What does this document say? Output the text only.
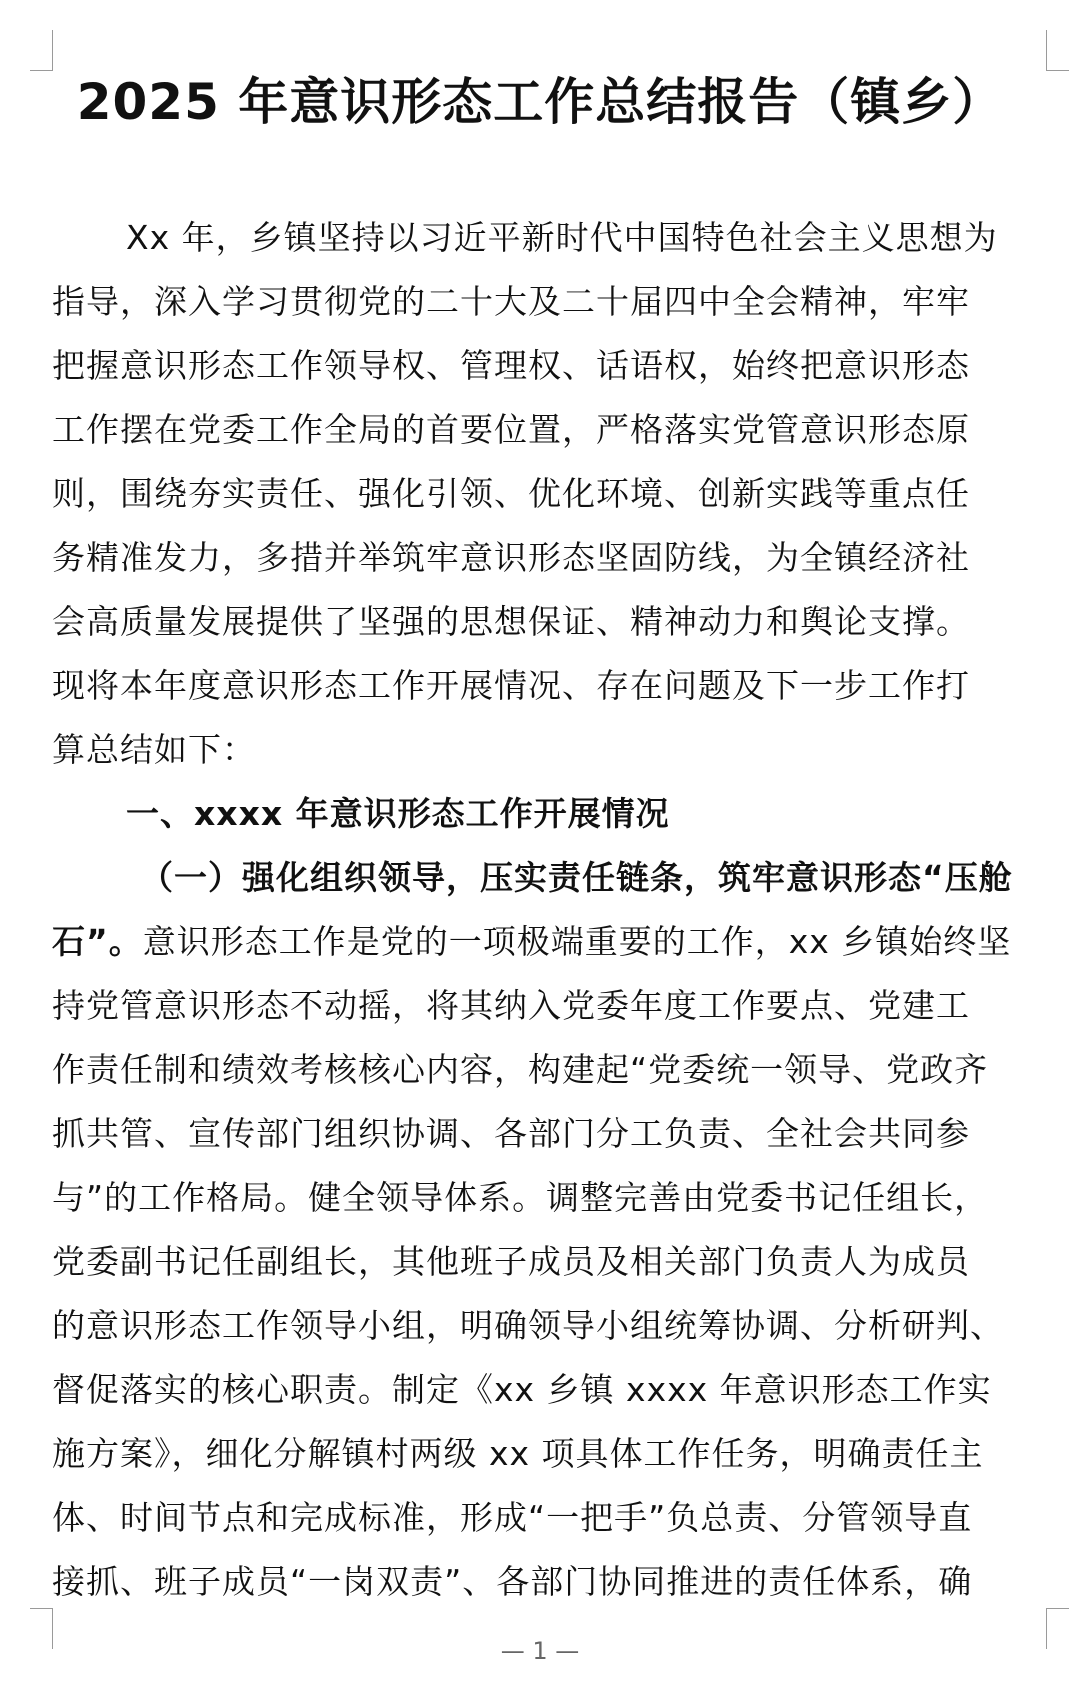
2025 年意识形态工作总结报告（镇乡）
Xx 年，乡镇坚持以习近平新时代中国特色社会主义思想为
指导，深入学习贯彻党的二十大及二十届四中全会精神，牢牢
把握意识形态工作领导权、管理权、话语权，始终把意识形态
工作摆在党委工作全局的首要位置，严格落实党管意识形态原
则，围绕夯实责任、强化引领、优化环境、创新实践等重点任
务精准发力，多措并举筑牢意识形态坚固防线，为全镇经济社
会高质量发展提供了坚强的思想保证、精神动力和舆论支撑。
现将本年度意识形态工作开展情况、存在问题及下一步工作打
算总结如下：
一、xxxx 年意识形态工作开展情况
（一）强化组织领导，压实责任链条，筑牢意识形态“压舱
石”。意识形态工作是党的一项极端重要的工作，xx 乡镇始终坚
持党管意识形态不动摇，将其纳入党委年度工作要点、党建工
作责任制和绩效考核核心内容，构建起“党委统一领导、党政齐
抓共管、宣传部门组织协调、各部门分工负责、全社会共同参
与”的工作格局。健全领导体系。调整完善由党委书记任组长，
党委副书记任副组长，其他班子成员及相关部门负责人为成员
的意识形态工作领导小组，明确领导小组统筹协调、分析研判、
督促落实的核心职责。制定《xx 乡镇 xxxx 年意识形态工作实
施方案》，细化分解镇村两级 xx 项具体工作任务，明确责任主
体、时间节点和完成标准，形成“一把手”负总责、分管领导直
接抓、班子成员“一岗双责”、各部门协同推进的责任体系，确
— 1 —
